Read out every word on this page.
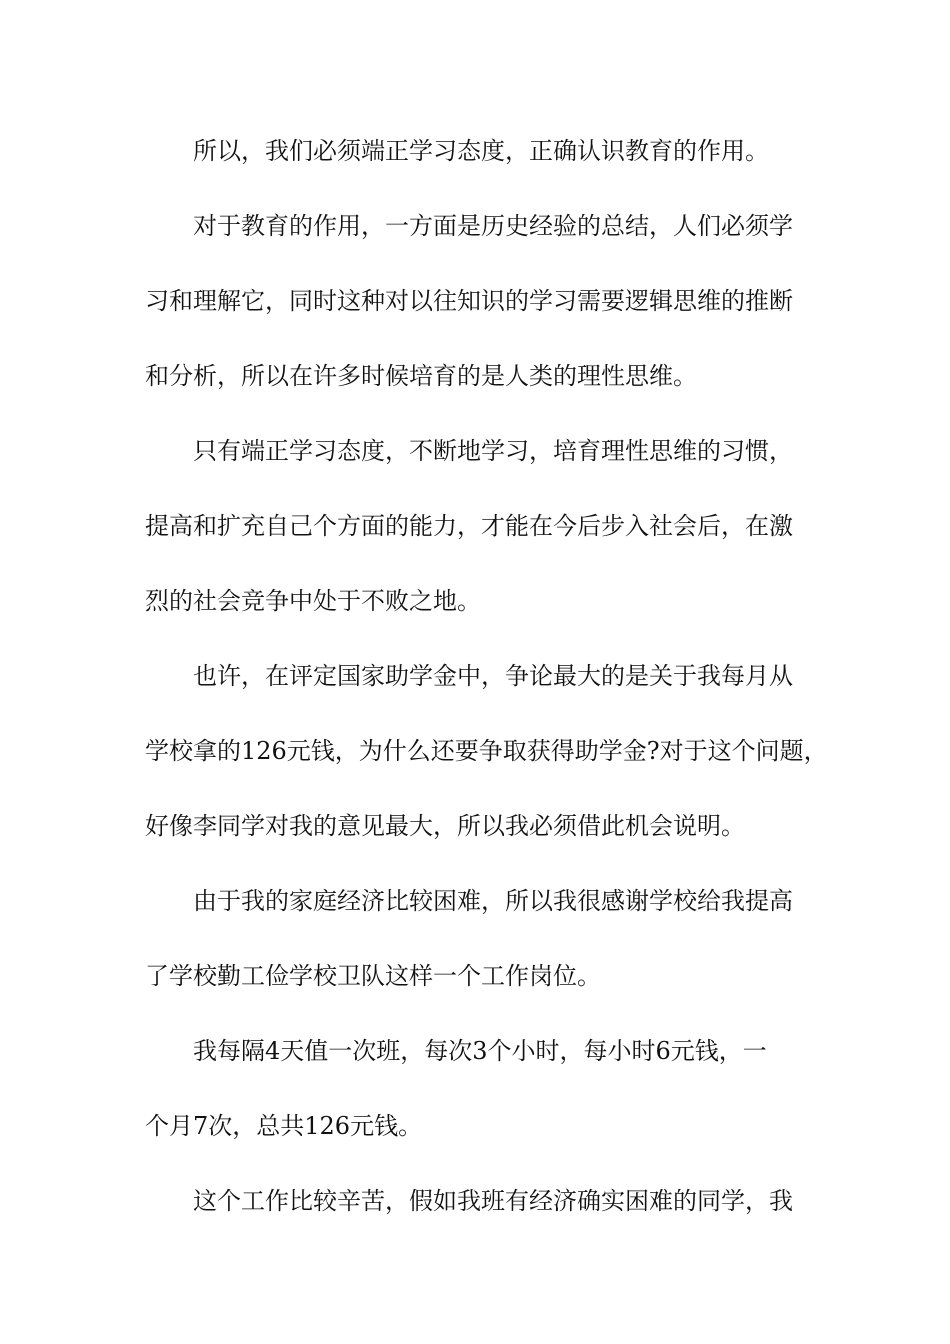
所以，我们必须端正学习态度，正确认识教育的作用。
对于教育的作用，一方面是历史经验的总结，人们必须学
习和理解它，同时这种对以往知识的学习需要逻辑思维的推断
和分析，所以在许多时候培育的是人类的理性思维。
只有端正学习态度，不断地学习，培育理性思维的习惯，
提高和扩充自己个方面的能力，才能在今后步入社会后，在激
烈的社会竞争中处于不败之地。
也许，在评定国家助学金中，争论最大的是关于我每月从
学校拿的126元钱，为什么还要争取获得助学金?对于这个问题，
好像李同学对我的意见最大，所以我必须借此机会说明。
由于我的家庭经济比较困难，所以我很感谢学校给我提高
了学校勤工俭学校卫队这样一个工作岗位。
我每隔4天值一次班，每次3个小时，每小时6元钱，一
个月7次，总共126元钱。
这个工作比较辛苦，假如我班有经济确实困难的同学，我
